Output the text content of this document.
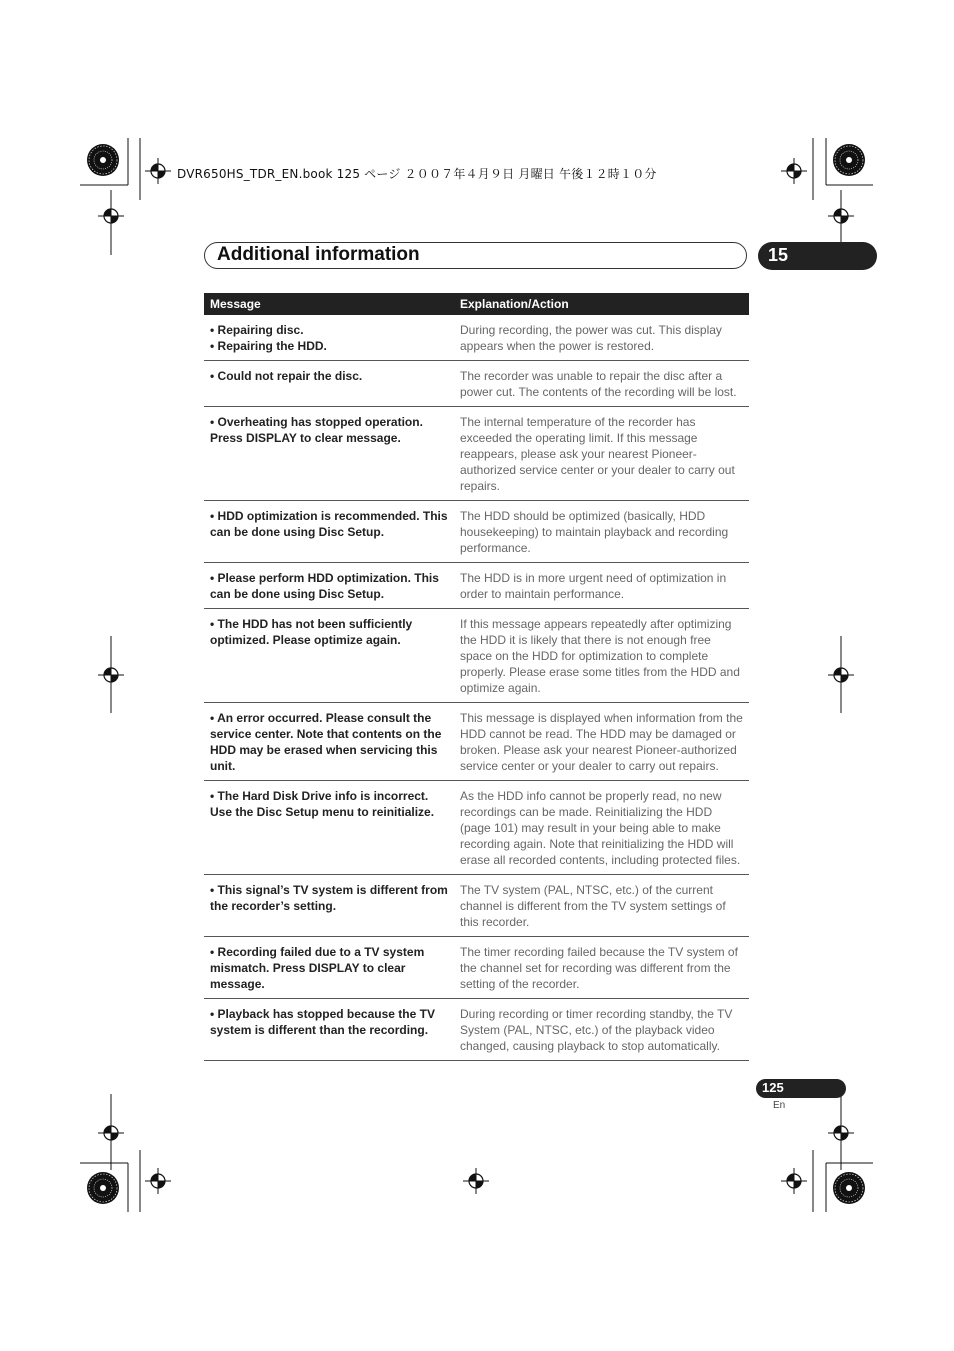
DVR650HS_TDR_EN.book 125 ページ ２００７年４月９日 月曜日 午後１２時１０分
Additional information	15
Message	Explanation/Action
• Repairing disc.
• Repairing the HDD.	During recording, the power was cut. This display appears when the power is restored.
• Could not repair the disc.	The recorder was unable to repair the disc after a power cut. The contents of the recording will be lost.
• Overheating has stopped operation. Press DISPLAY to clear message.	The internal temperature of the recorder has exceeded the operating limit. If this message reappears, please ask your nearest Pioneer-authorized service center or your dealer to carry out repairs.
• HDD optimization is recommended. This can be done using Disc Setup.	The HDD should be optimized (basically, HDD housekeeping) to maintain playback and recording performance.
• Please perform HDD optimization. This can be done using Disc Setup.	The HDD is in more urgent need of optimization in order to maintain performance.
• The HDD has not been sufficiently optimized. Please optimize again.	If this message appears repeatedly after optimizing the HDD it is likely that there is not enough free space on the HDD for optimization to complete properly. Please erase some titles from the HDD and optimize again.
• An error occurred. Please consult the service center. Note that contents on the HDD may be erased when servicing this unit.	This message is displayed when information from the HDD cannot be read. The HDD may be damaged or broken. Please ask your nearest Pioneer-authorized service center or your dealer to carry out repairs.
• The Hard Disk Drive info is incorrect. Use the Disc Setup menu to reinitialize.	As the HDD info cannot be properly read, no new recordings can be made. Reinitializing the HDD (page 101) may result in your being able to make recording again. Note that reinitializing the HDD will erase all recorded contents, including protected files.
• This signal’s TV system is different from the recorder’s setting.	The TV system (PAL, NTSC, etc.) of the current channel is different from the TV system settings of this recorder.
• Recording failed due to a TV system mismatch. Press DISPLAY to clear message.	The timer recording failed because the TV system of the channel set for recording was different from the setting of the recorder.
• Playback has stopped because the TV system is different than the recording.	During recording or timer recording standby, the TV System (PAL, NTSC, etc.) of the playback video changed, causing playback to stop automatically.
125
En
